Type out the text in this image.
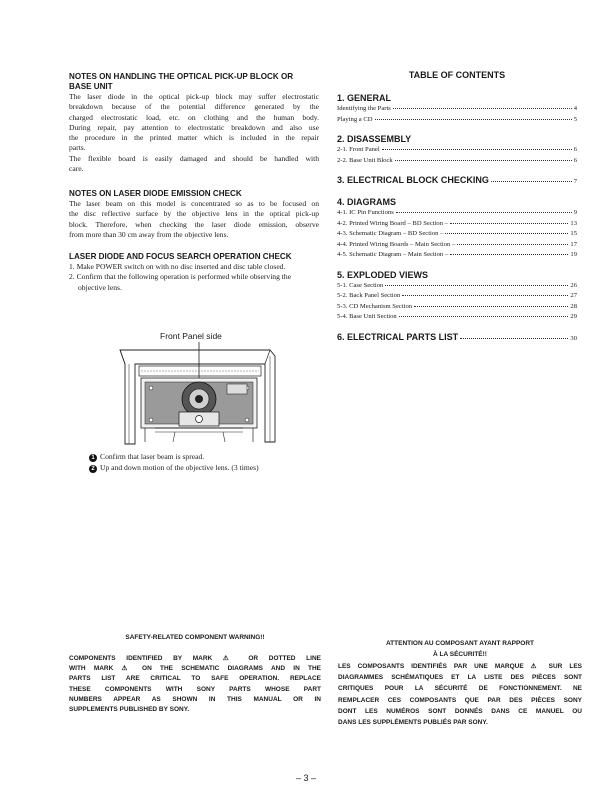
NOTES ON HANDLING THE OPTICAL PICK-UP BLOCK OR
BASE UNIT
The laser diode in the optical pick-up block may suffer electrostatic
breakdown because of the potential difference generated by the
charged electrostatic load, etc. on clothing and the human body.
During repair, pay attention to electrostatic breakdown and also use
the procedure in the printed matter which is included in the repair
parts.
The flexible board is easily damaged and should be handled with
care.
NOTES ON LASER DIODE EMISSION CHECK
The laser beam on this model is concentrated so as to be focused on
the disc reflective surface by the objective lens in the optical pick-up
block. Therefore, when checking the laser diode emission, observe
from more than 30 cm away from the objective lens.
LASER DIODE AND FOCUS SEARCH OPERATION CHECK
1. Make POWER switch on with no disc inserted and disc table closed.
2. Confirm that the following operation is performed while observing the objective lens.
Front Panel side
1 Confirm that laser beam is spread.
2 Up and down motion of the objective lens. (3 times)
TABLE OF CONTENTS
1. GENERAL
Identifying the Parts	4
Playing a CD	5
2. DISASSEMBLY
2-1. Front Panel	6
2-2. Base Unit Block	6
3. ELECTRICAL BLOCK CHECKING	7
4. DIAGRAMS
4-1. IC Pin Functions	9
4-2. Printed Wiring Board – BD Section –	13
4-3. Schematic Diagram – BD Section –	15
4-4. Printed Wiring Boards – Main Section –	17
4-5. Schematic Diagram – Main Section –	19
5. EXPLODED VIEWS
5-1. Case Section	26
5-2. Back Panel Section	27
5-3. CD Mechanism Section	28
5-4. Base Unit Section	29
6. ELECTRICAL PARTS LIST	30
SAFETY-RELATED COMPONENT WARNING!!
COMPONENTS IDENTIFIED BY MARK ⚠ OR DOTTED LINE
WITH MARK ⚠ ON THE SCHEMATIC DIAGRAMS AND IN THE
PARTS LIST ARE CRITICAL TO SAFE OPERATION. REPLACE
THESE COMPONENTS WITH SONY PARTS WHOSE PART
NUMBERS APPEAR AS SHOWN IN THIS MANUAL OR IN
SUPPLEMENTS PUBLISHED BY SONY.
ATTENTION AU COMPOSANT AYANT RAPPORT
À LA SÉCURITÉ!!
LES COMPOSANTS IDENTIFIÉS PAR UNE MARQUE ⚠ SUR LES
DIAGRAMMES SCHÉMATIQUES ET LA LISTE DES PIÈCES SONT
CRITIQUES POUR LA SÉCURITÉ DE FONCTIONNEMENT. NE
REMPLACER CES COMPOSANTS QUE PAR DES PIÈCES SONY
DONT LES NUMÉROS SONT DONNÉS DANS CE MANUEL OU
DANS LES SUPPLÉMENTS PUBLIÉS PAR SONY.
– 3 –
